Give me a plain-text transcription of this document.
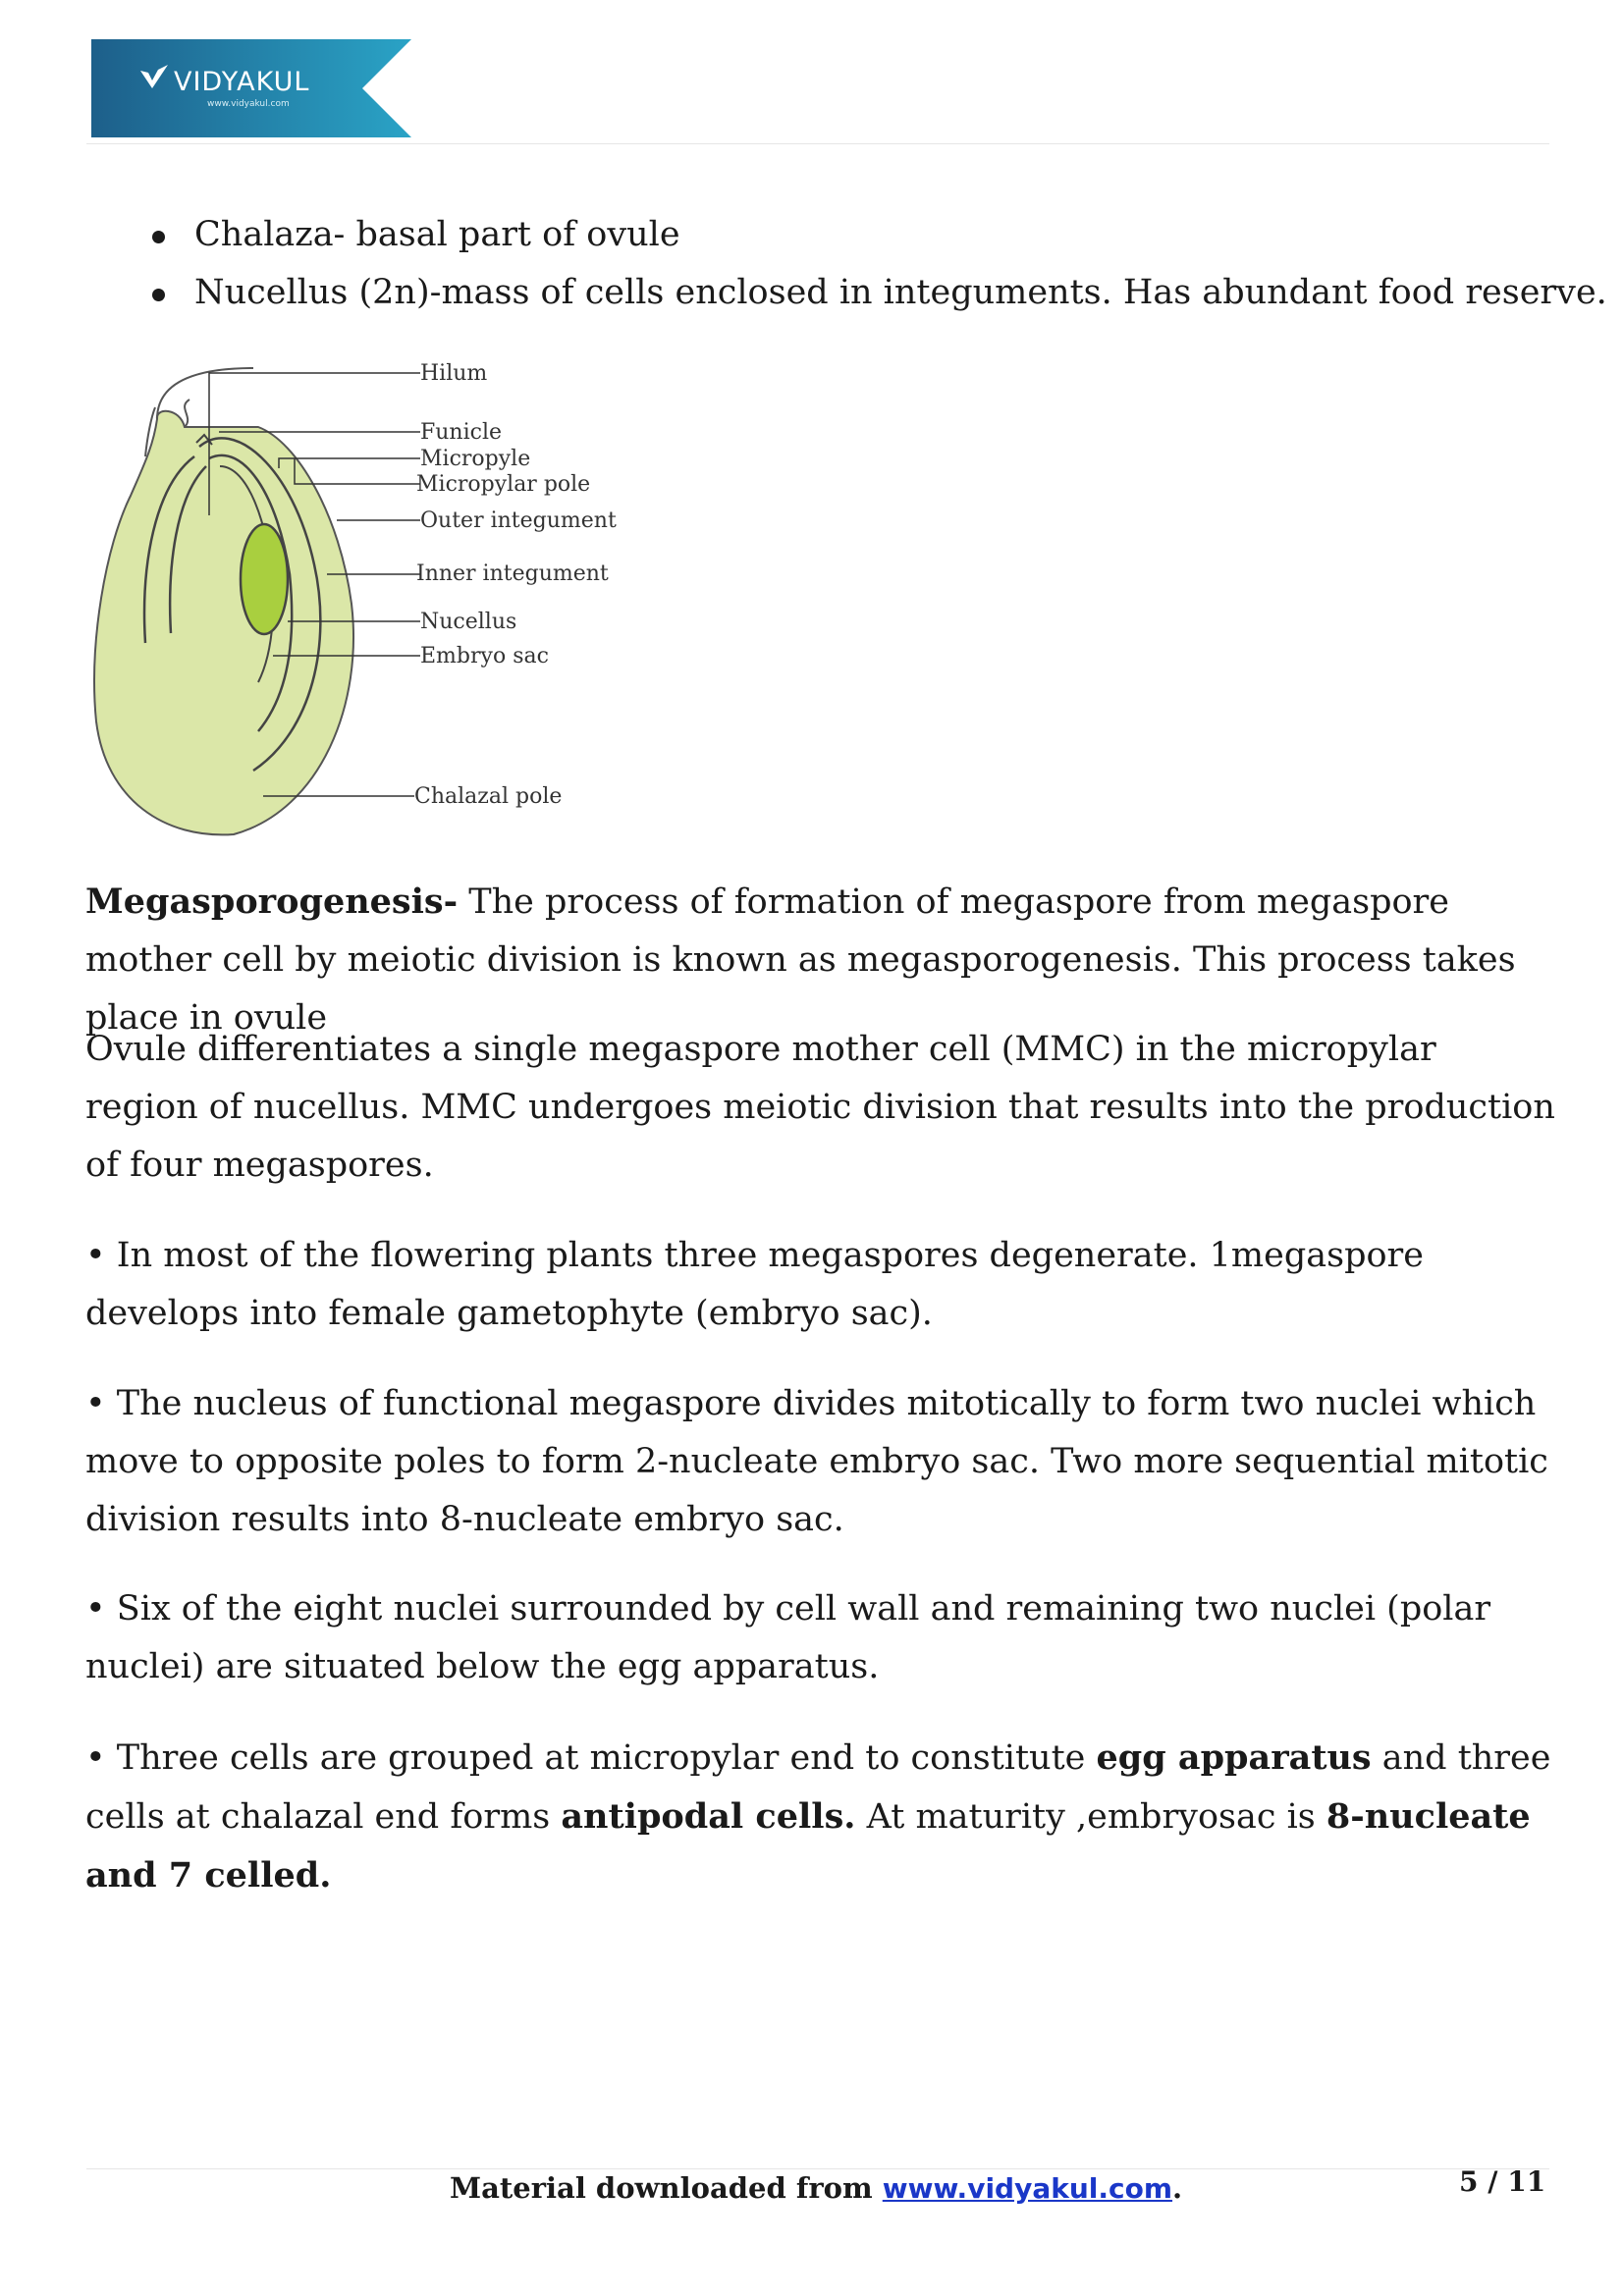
VIDYAKUL
www.vidyakul.com
Chalaza- basal part of ovule
Nucellus (2n)-mass of cells enclosed in integuments. Has abundant food reserve.
Hilum
Funicle
Micropyle
Micropylar pole
Outer integument
Inner integument
Nucellus
Embryo sac
Chalazal pole

Megasporogenesis- The process of formation of megaspore from megaspore mother cell by meiotic division is known as megasporogenesis. This process takes place in ovule

Ovule differentiates a single megaspore mother cell (MMC) in the micropylar region of nucellus. MMC undergoes meiotic division that results into the production of four megaspores.

• In most of the flowering plants three megaspores degenerate. 1megaspore develops into female gametophyte (embryo sac).

• The nucleus of functional megaspore divides mitotically to form two nuclei which move to opposite poles to form 2-nucleate embryo sac. Two more sequential mitotic division results into 8-nucleate embryo sac.

• Six of the eight nuclei surrounded by cell wall and remaining two nuclei (polar nuclei) are situated below the egg apparatus.

• Three cells are grouped at micropylar end to constitute egg apparatus and three cells at chalazal end forms antipodal cells. At maturity ,embryosac is 8-nucleate and 7 celled.

Material downloaded from www.vidyakul.com.	5 / 11
